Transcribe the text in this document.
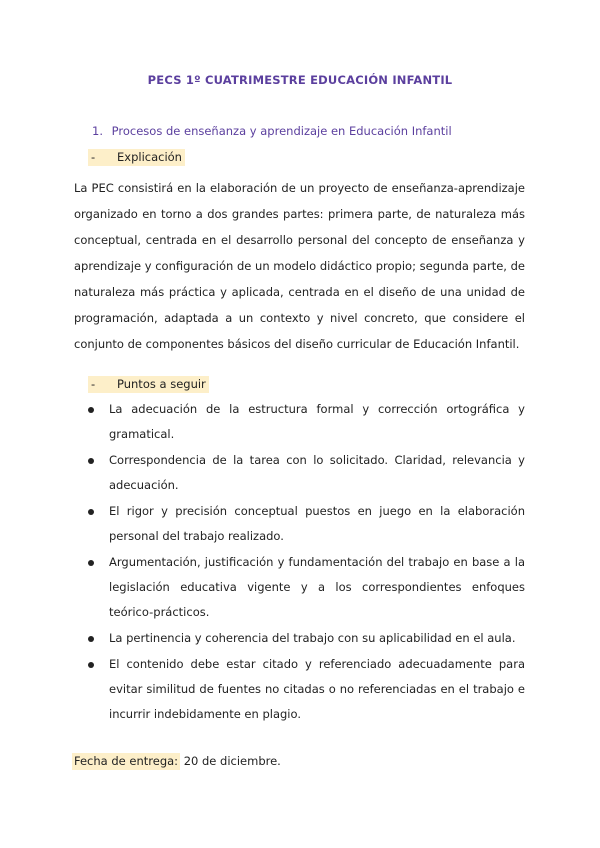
PECS 1º CUATRIMESTRE EDUCACIÓN INFANTIL
1. Procesos de enseñanza y aprendizaje en Educación Infantil
- Explicación

La PEC consistirá en la elaboración de un proyecto de enseñanza-aprendizaje organizado en torno a dos grandes partes: primera parte, de naturaleza más conceptual, centrada en el desarrollo personal del concepto de enseñanza y aprendizaje y configuración de un modelo didáctico propio; segunda parte, de naturaleza más práctica y aplicada, centrada en el diseño de una unidad de programación, adaptada a un contexto y nivel concreto, que considere el conjunto de componentes básicos del diseño curricular de Educación Infantil.

- Puntos a seguir
La adecuación de la estructura formal y corrección ortográfica y gramatical.
Correspondencia de la tarea con lo solicitado. Claridad, relevancia y adecuación.
El rigor y precisión conceptual puestos en juego en la elaboración personal del trabajo realizado.
Argumentación, justificación y fundamentación del trabajo en base a la legislación educativa vigente y a los correspondientes enfoques teórico-prácticos.
La pertinencia y coherencia del trabajo con su aplicabilidad en el aula.
El contenido debe estar citado y referenciado adecuadamente para evitar similitud de fuentes no citadas o no referenciadas en el trabajo e incurrir indebidamente en plagio.
Fecha de entrega: 20 de diciembre.
